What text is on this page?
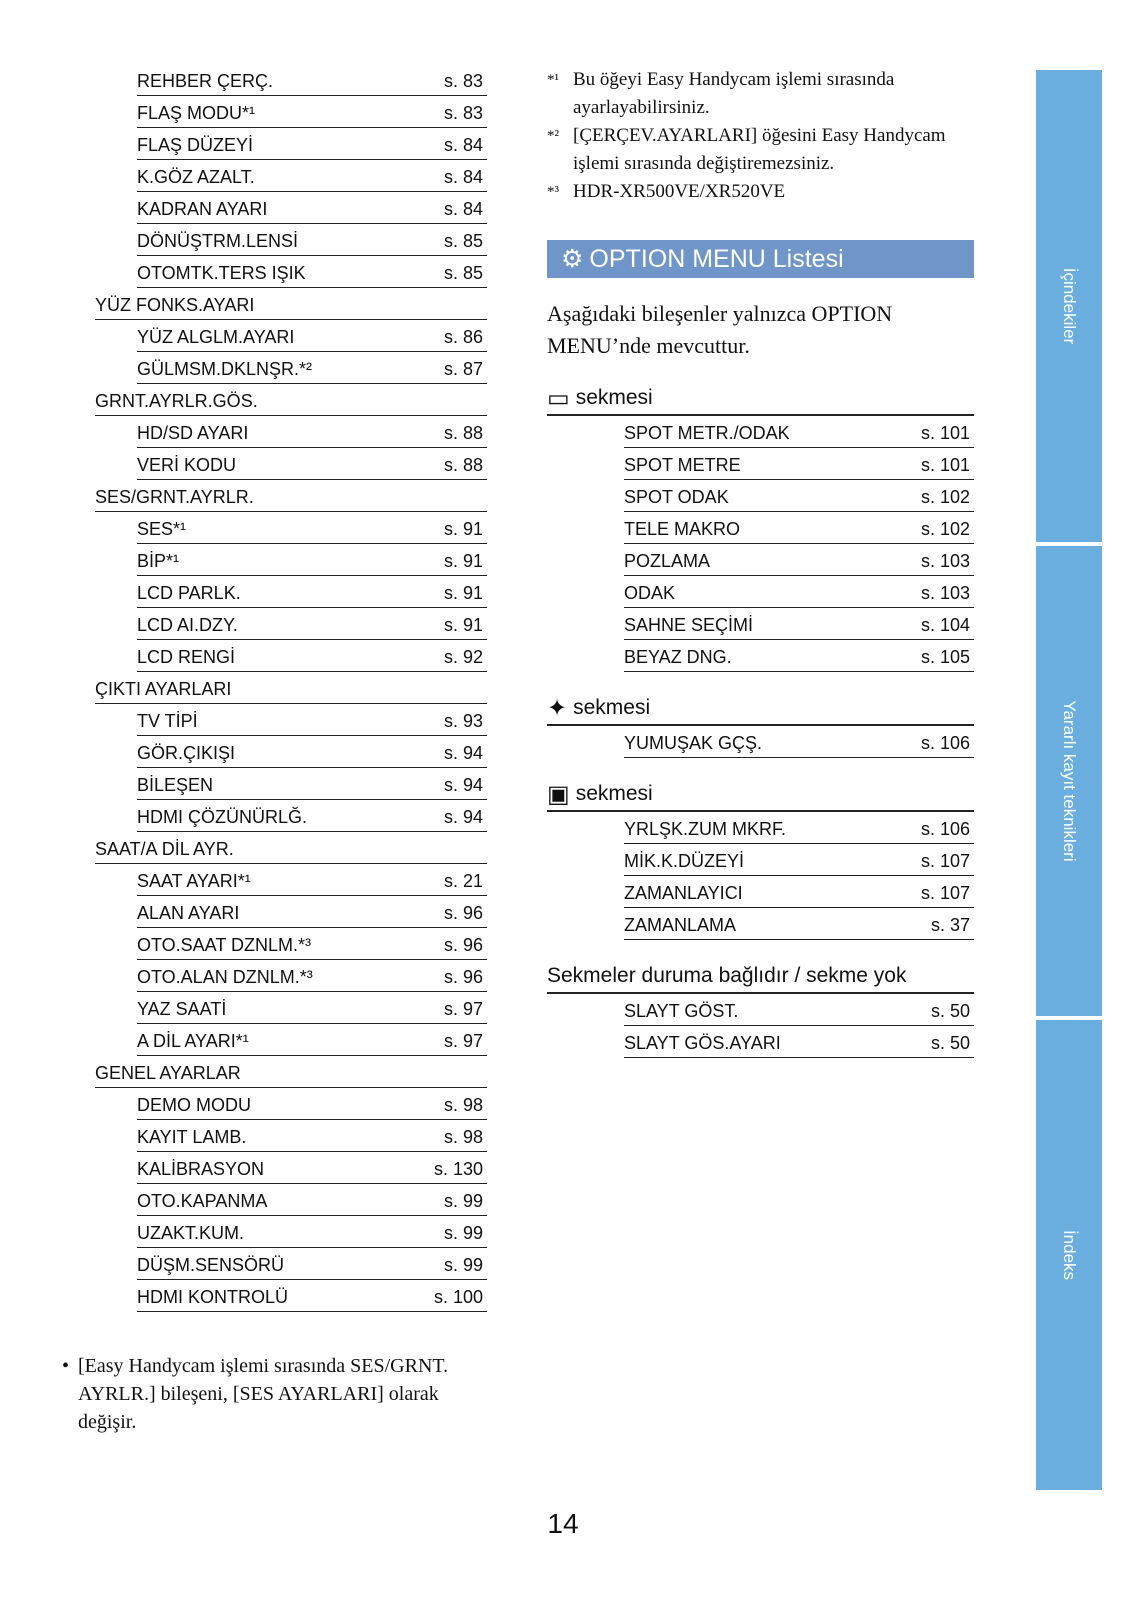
REHBER ÇERÇ.	s. 83
FLAŞ MODU*¹	s. 83
FLAŞ DÜZEYİ	s. 84
K.GÖZ AZALT.	s. 84
KADRAN AYARI	s. 84
DÖNÜŞTRM.LENSİ	s. 85
OTOMTK.TERS IŞIK	s. 85
YÜZ FONKS.AYARI
YÜZ ALGLM.AYARI	s. 86
GÜLMSM.DKLNŞR.*²	s. 87
GRNT.AYRLR.GÖS.
HD/SD AYARI	s. 88
VERİ KODU	s. 88
SES/GRNT.AYRLR.
SES*¹	s. 91
BİP*¹	s. 91
LCD PARLK.	s. 91
LCD AI.DZY.	s. 91
LCD RENGİ	s. 92
ÇIKTI AYARLARI
TV TİPİ	s. 93
GÖR.ÇIKIŞI	s. 94
BİLEŞEN	s. 94
HDMI ÇÖZÜNÜRLĞ.	s. 94
SAAT/A DİL AYR.
SAAT AYARI*¹	s. 21
ALAN AYARI	s. 96
OTO.SAAT DZNLM.*³	s. 96
OTO.ALAN DZNLM.*³	s. 96
YAZ SAATİ	s. 97
A DİL AYARI*¹	s. 97
GENEL AYARLAR
DEMO MODU	s. 98
KAYIT LAMB.	s. 98
KALİBRASYON	s. 130
OTO.KAPANMA	s. 99
UZAKT.KUM.	s. 99
DÜŞM.SENSÖRÜ	s. 99
HDMI KONTROLÜ	s. 100
• [Easy Handycam işlemi sırasında SES/GRNT. AYRLR.] bileşeni, [SES AYARLARI] olarak değişir.
*¹ Bu öğeyi Easy Handycam işlemi sırasında ayarlayabilirsiniz.
*² [ÇERÇEV.AYARLARI] öğesini Easy Handycam işlemi sırasında değiştiremezsiniz.
*³ HDR-XR500VE/XR520VE
⚙ OPTION MENU Listesi
Aşağıdaki bileşenler yalnızca OPTION MENU’nde mevcuttur.
▭ sekmesi
SPOT METR./ODAK	s. 101
SPOT METRE	s. 101
SPOT ODAK	s. 102
TELE MAKRO	s. 102
POZLAMA	s. 103
ODAK	s. 103
SAHNE SEÇİMİ	s. 104
BEYAZ DNG.	s. 105
✦ sekmesi
YUMUŞAK GÇŞ.	s. 106
▣ sekmesi
YRLŞK.ZUM MKRF.	s. 106
MİK.K.DÜZEYİ	s. 107
ZAMANLAYICI	s. 107
ZAMANLAMA	s. 37
Sekmeler duruma bağlıdır / sekme yok
SLAYT GÖST.	s. 50
SLAYT GÖS.AYARI	s. 50
İçindekiler
Yararlı kayıt teknikleri
İndeks
14
